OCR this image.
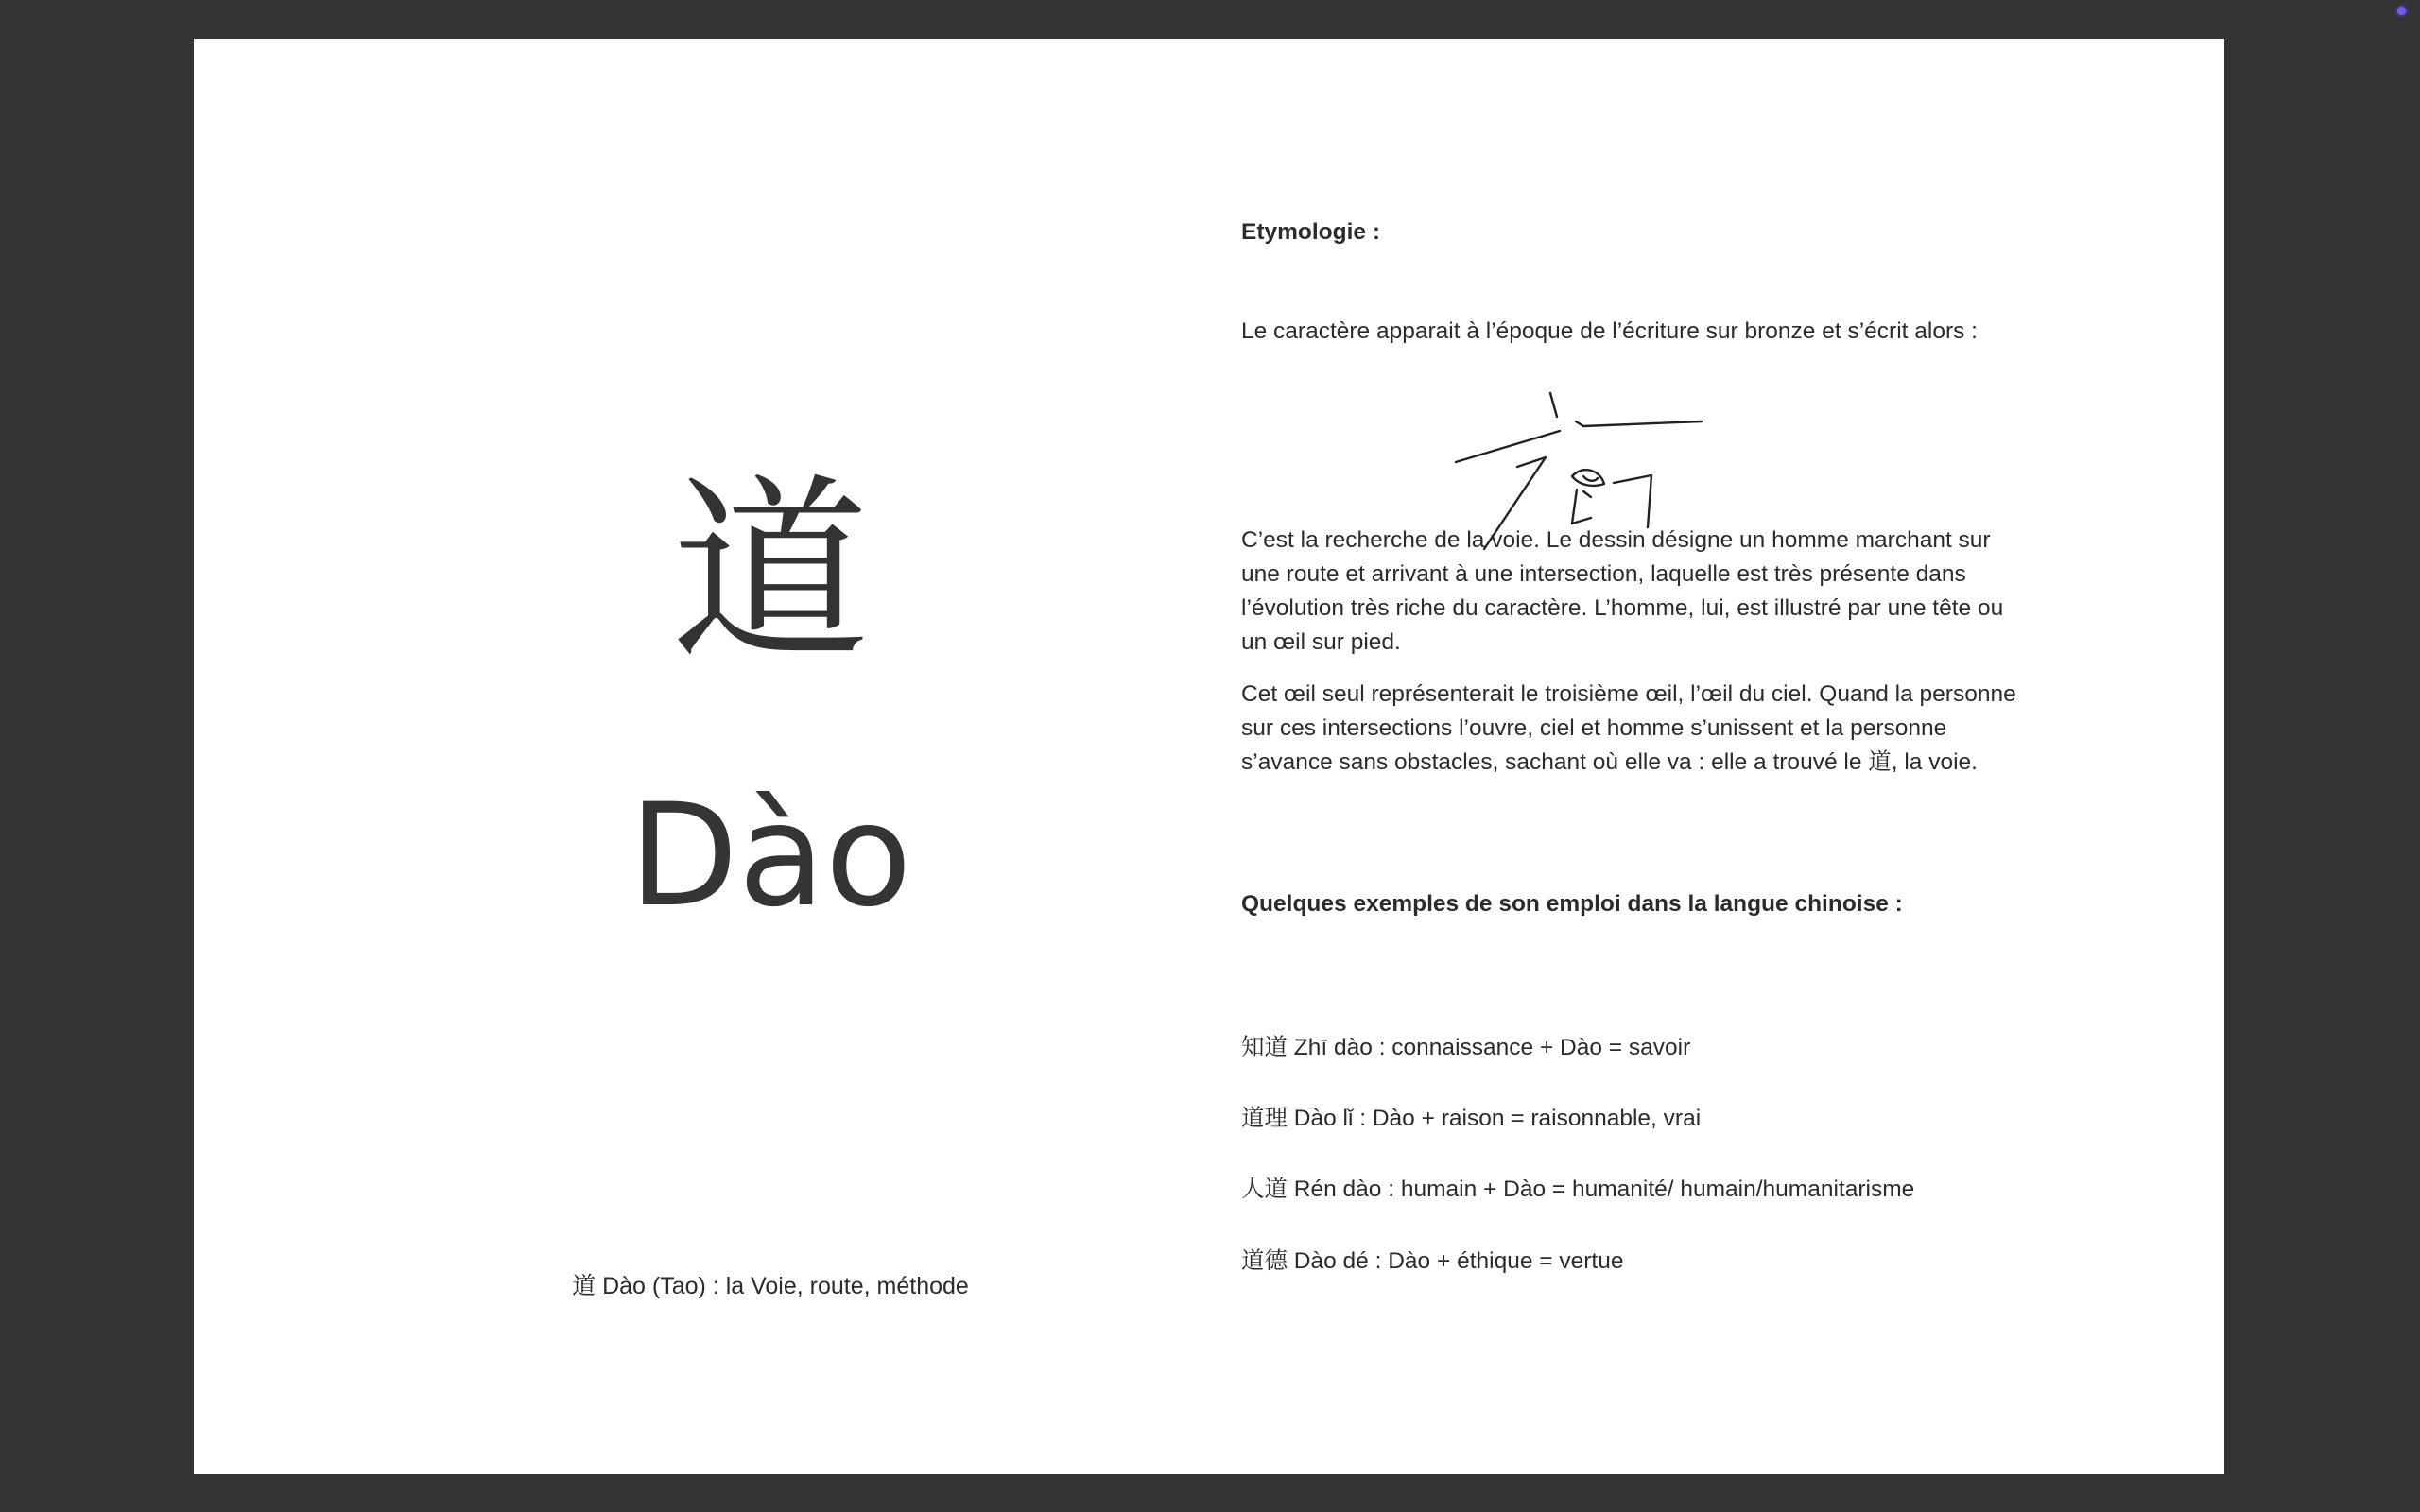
道
Dào
道 Dào (Tao) : la Voie, route, méthode
Etymologie :
Le caractère apparait à l’époque de l’écriture sur bronze et s’écrit alors :
C’est la recherche de la voie. Le dessin désigne un homme marchant sur une route et arrivant à une intersection, laquelle est très présente dans l’évolution très riche du caractère. L’homme, lui, est illustré par une tête ou un œil sur pied.
Cet œil seul représenterait le troisième œil, l’œil du ciel. Quand la personne sur ces intersections l’ouvre, ciel et homme s’unissent et la personne s’avance sans obstacles, sachant où elle va : elle a trouvé le 道, la voie.
Quelques exemples de son emploi dans la langue chinoise :
知道 Zhī dào : connaissance + Dào = savoir
道理 Dào lǐ : Dào + raison = raisonnable, vrai
人道 Rén dào : humain + Dào = humanité/ humain/humanitarisme
道德 Dào dé : Dào + éthique = vertue
